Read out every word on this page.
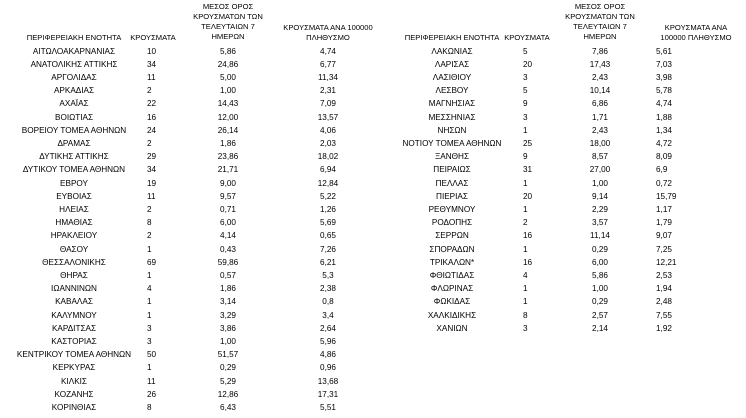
ΠΕΡΙΦΕΡΕΙΑΚΗ ΕΝΟΤΗΤΑ	ΚΡΟΥΣΜΑΤΑ
ΜΕΣΟΣ ΟΡΟΣ
ΚΡΟΥΣΜΑΤΩΝ ΤΩΝ
ΤΕΛΕΥΤΑΙΩΝ 7
ΗΜΕΡΩΝ
ΚΡΟΥΣΜΑΤΑ ΑΝΑ 100000
ΠΛΗΘΥΣΜΟ	ΠΕΡΙΦΕΡΕΙΑΚΗ ΕΝΟΤΗΤΑ ΚΡΟΥΣΜΑΤΑ
ΜΕΣΟΣ ΟΡΟΣ
ΚΡΟΥΣΜΑΤΩΝ ΤΩΝ
ΤΕΛΕΥΤΑΙΩΝ 7
ΗΜΕΡΩΝ
ΚΡΟΥΣΜΑΤΑ ΑΝΑ
100000 ΠΛΗΘΥΣΜΟ
ΑΙΤΩΛΟΑΚΑΡΝΑΝΙΑΣ	10	5,86	4,74
ΑΝΑΤΟΛΙΚΗΣ ΑΤΤΙΚΗΣ	34	24,86	6,77
ΑΡΓΟΛΙΔΑΣ	11	5,00	11,34
ΑΡΚΑΔΙΑΣ	2	1,00	2,31
ΑΧΑΪΑΣ	22	14,43	7,09
ΒΟΙΩΤΙΑΣ	16	12,00	13,57
ΒΟΡΕΙΟΥ ΤΟΜΕΑ ΑΘΗΝΩΝ	24	26,14	4,06
ΔΡΑΜΑΣ	2	1,86	2,03
ΔΥΤΙΚΗΣ ΑΤΤΙΚΗΣ	29	23,86	18,02
ΔΥΤΙΚΟΥ ΤΟΜΕΑ ΑΘΗΝΩΝ	34	21,71	6,94
ΕΒΡΟΥ	19	9,00	12,84
ΕΥΒΟΙΑΣ	11	9,57	5,22
ΗΛΕΙΑΣ	2	0,71	1,26
ΗΜΑΘΙΑΣ	8	6,00	5,69
ΗΡΑΚΛΕΙΟΥ	2	4,14	0,65
ΘΑΣΟΥ	1	0,43	7,26
ΘΕΣΣΑΛΟΝΙΚΗΣ	69	59,86	6,21
ΘΗΡΑΣ	1	0,57	5,3
ΙΩΑΝΝΙΝΩΝ	4	1,86	2,38
ΚΑΒΑΛΑΣ	1	3,14	0,8
ΚΑΛΥΜΝΟΥ	1	3,29	3,4
ΚΑΡΔΙΤΣΑΣ	3	3,86	2,64
ΚΑΣΤΟΡΙΑΣ	3	1,00	5,96
ΚΕΝΤΡΙΚΟΥ ΤΟΜΕΑ ΑΘΗΝΩΝ	50	51,57	4,86
ΚΕΡΚΥΡΑΣ	1	0,29	0,96
ΚΙΛΚΙΣ	11	5,29	13,68
ΚΟΖΑΝΗΣ	26	12,86	17,31
ΚΟΡΙΝΘΙΑΣ	8	6,43	5,51
ΛΑΚΩΝΙΑΣ	5	7,86	5,61
ΛΑΡΙΣΑΣ	20	17,43	7,03
ΛΑΣΙΘΙΟΥ	3	2,43	3,98
ΛΕΣΒΟΥ	5	10,14	5,78
ΜΑΓΝΗΣΙΑΣ	9	6,86	4,74
ΜΕΣΣΗΝΙΑΣ	3	1,71	1,88
ΝΗΣΩΝ	1	2,43	1,34
ΝΟΤΙΟΥ ΤΟΜΕΑ ΑΘΗΝΩΝ	25	18,00	4,72
ΞΑΝΘΗΣ	9	8,57	8,09
ΠΕΙΡΑΙΩΣ	31	27,00	6,9
ΠΕΛΛΑΣ	1	1,00	0,72
ΠΙΕΡΙΑΣ	20	9,14	15,79
ΡΕΘΥΜΝΟΥ	1	2,29	1,17
ΡΟΔΟΠΗΣ	2	3,57	1,79
ΣΕΡΡΩΝ	16	11,14	9,07
ΣΠΟΡΑΔΩΝ	1	0,29	7,25
ΤΡΙΚΑΛΩΝ*	16	6,00	12,21
ΦΘΙΩΤΙΔΑΣ	4	5,86	2,53
ΦΛΩΡΙΝΑΣ	1	1,00	1,94
ΦΩΚΙΔΑΣ	1	0,29	2,48
ΧΑΛΚΙΔΙΚΗΣ	8	2,57	7,55
ΧΑΝΙΩΝ	3	2,14	1,92
